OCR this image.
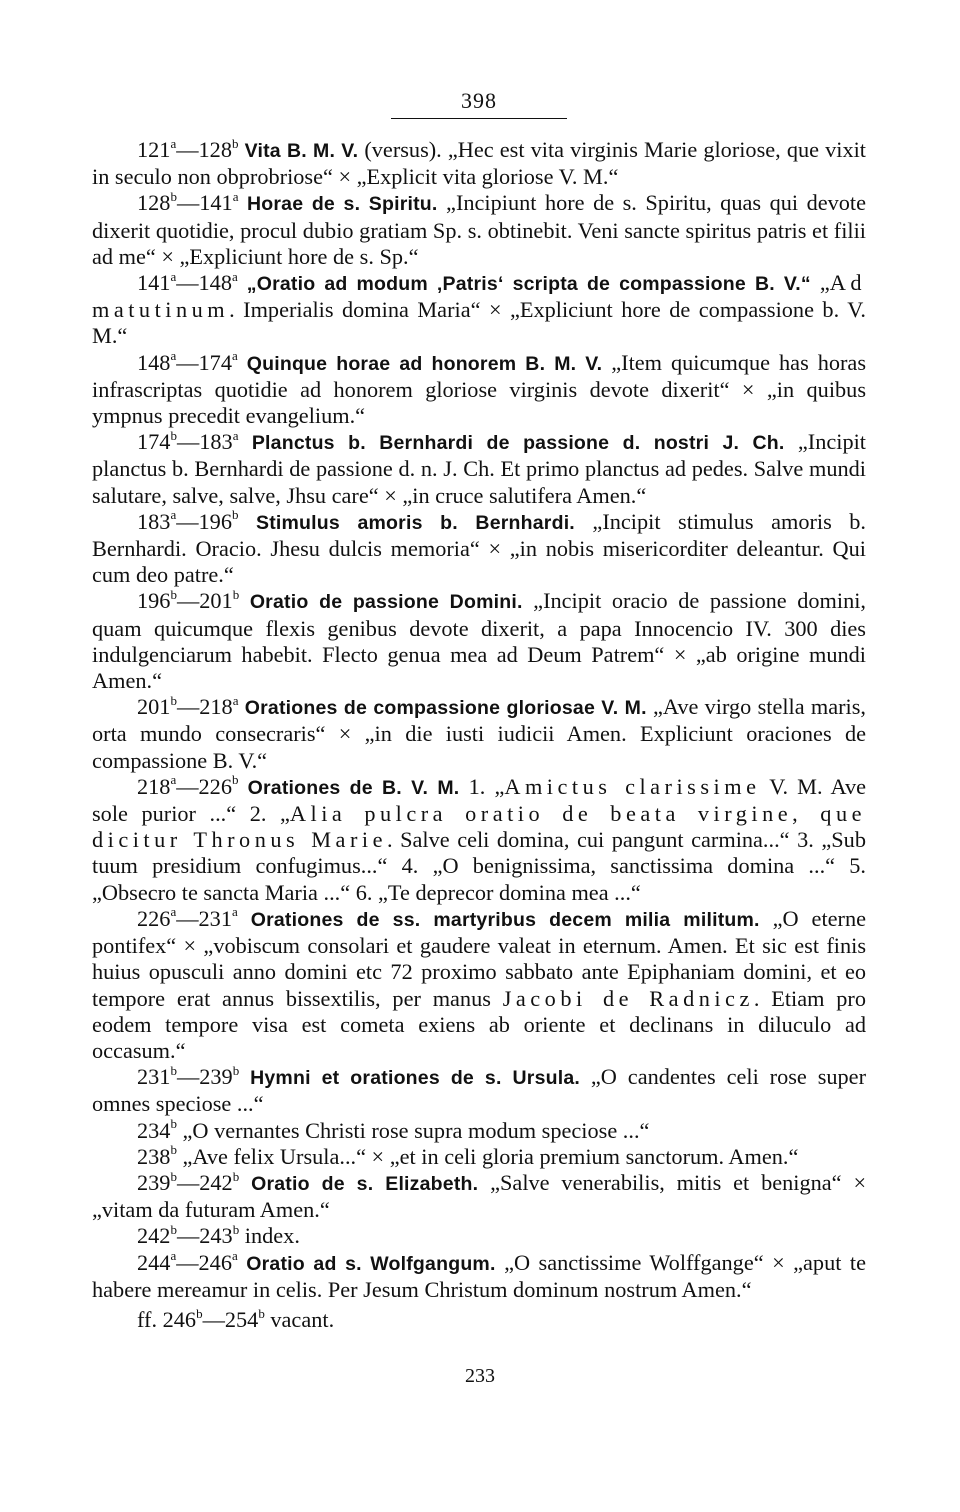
398

121$^a$—128$^b$ Vita B. M. V. (versus). „Hec est vita virginis Marie gloriose, que vixit in seculo non obprobriose“ × „Explicit vita gloriose V. M.“

128$^b$—141$^a$ Horae de s. Spiritu. „Incipiunt hore de s. Spiritu, quas qui devote dixerit quotidie, procul dubio gratiam Sp. s. obtinebit. Veni sancte spiritus patris et filii ad me“ × „Expliciunt hore de s. Sp.“

141$^a$—148$^a$ „Oratio ad modum ‚Patris‘ scripta de compassione B. V.“ „Ad matutinum. Imperialis domina Maria“ × „Expliciunt hore de compassione b. V. M.“

148$^a$—174$^a$ Quinque horae ad honorem B. M. V. „Item quicumque has horas infrascriptas quotidie ad honorem gloriose virginis devote dixerit“ × „in quibus ympnus precedit evangelium.“

174$^b$—183$^a$ Planctus b. Bernhardi de passione d. nostri J. Ch. „Incipit planctus b. Bernhardi de passione d. n. J. Ch. Et primo planctus ad pedes. Salve mundi salutare, salve, salve, Jhsu care“ × „in cruce salutifera Amen.“

183$^a$—196$^b$ Stimulus amoris b. Bernhardi. „Incipit stimulus amoris b. Bernhardi. Oracio. Jhesu dulcis memoria“ × „in nobis misericorditer deleantur. Qui cum deo patre.“

196$^b$—201$^b$ Oratio de passione Domini. „Incipit oracio de passione domini, quam quicumque flexis genibus devote dixerit, a papa Innocencio IV. 300 dies indulgenciarum habebit. Flecto genua mea ad Deum Patrem“ × „ab origine mundi Amen.“

201$^b$—218$^a$ Orationes de compassione gloriosae V. M. „Ave virgo stella maris, orta mundo consecraris“ × „in die iusti iudicii Amen. Expliciunt oraciones de compassione B. V.“

218$^a$—226$^b$ Orationes de B. V. M. 1. „Amictus clarissime V. M. Ave sole purior ...“ 2. „Alia pulcra oratio de beata virgine, que dicitur Thronus Marie. Salve celi domina, cui pangunt carmina...“ 3. „Sub tuum presidium confugimus...“ 4. „O benignissima, sanctissima domina ...“ 5. „Obsecro te sancta Maria ...“ 6. „Te deprecor domina mea ...“

226$^a$—231$^a$ Orationes de ss. martyribus decem milia militum. „O eterne pontifex“ × „vobiscum consolari et gaudere valeat in eternum. Amen. Et sic est finis huius opusculi anno domini etc 72 proximo sabbato ante Epiphaniam domini, et eo tempore erat annus bissextilis, per manus Jacobi de Radnicz. Etiam pro eodem tempore visa est cometa exiens ab oriente et declinans in diluculo ad occasum.“

231$^b$—239$^b$ Hymni et orationes de s. Ursula. „O candentes celi rose super omnes speciose ...“

234$^b$ „O vernantes Christi rose supra modum speciose ...“

238$^b$ „Ave felix Ursula...“ × „et in celi gloria premium sanctorum. Amen.“

239$^b$—242$^b$ Oratio de s. Elizabeth. „Salve venerabilis, mitis et benigna“ × „vitam da futuram Amen.“

242$^b$—243$^b$ index.

244$^a$—246$^a$ Oratio ad s. Wolfgangum. „O sanctissime Wolffgange“ × „aput te habere mereamur in celis. Per Jesum Christum dominum nostrum Amen.“

ff. 246$^b$—254$^b$ vacant.

233
